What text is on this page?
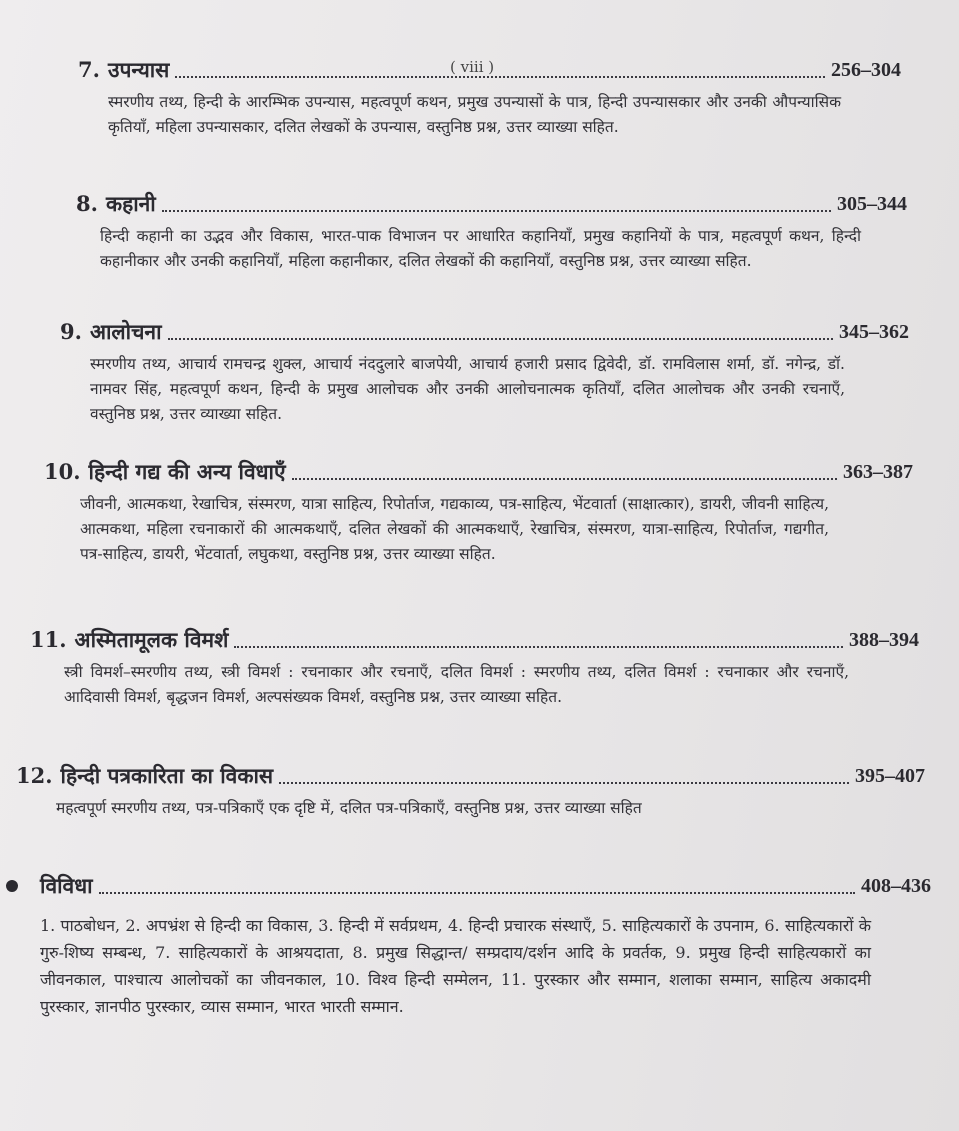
( viii )
7. उपन्यास	256–304
स्मरणीय तथ्य, हिन्दी के आरम्भिक उपन्यास, महत्वपूर्ण कथन, प्रमुख उपन्यासों के पात्र, हिन्दी उपन्यासकार और उनकी औपन्यासिक कृतियाँ, महिला उपन्यासकार, दलित लेखकों के उपन्यास, वस्तुनिष्ठ प्रश्न, उत्तर व्याख्या सहित.
8. कहानी	305–344
हिन्दी कहानी का उद्भव और विकास, भारत-पाक विभाजन पर आधारित कहानियाँ, प्रमुख कहानियों के पात्र, महत्वपूर्ण कथन, हिन्दी कहानीकार और उनकी कहानियाँ, महिला कहानीकार, दलित लेखकों की कहानियाँ, वस्तुनिष्ठ प्रश्न, उत्तर व्याख्या सहित.
9. आलोचना	345–362
स्मरणीय तथ्य, आचार्य रामचन्द्र शुक्ल, आचार्य नंददुलारे बाजपेयी, आचार्य हजारी प्रसाद द्विवेदी, डॉ. रामविलास शर्मा, डॉ. नगेन्द्र, डॉ. नामवर सिंह, महत्वपूर्ण कथन, हिन्दी के प्रमुख आलोचक और उनकी आलोचनात्मक कृतियाँ, दलित आलोचक और उनकी रचनाएँ, वस्तुनिष्ठ प्रश्न, उत्तर व्याख्या सहित.
10. हिन्दी गद्य की अन्य विधाएँ	363–387
जीवनी, आत्मकथा, रेखाचित्र, संस्मरण, यात्रा साहित्य, रिपोर्ताज, गद्यकाव्य, पत्र-साहित्य, भेंटवार्ता (साक्षात्कार), डायरी, जीवनी साहित्य, आत्मकथा, महिला रचनाकारों की आत्मकथाएँ, दलित लेखकों की आत्मकथाएँ, रेखाचित्र, संस्मरण, यात्रा-साहित्य, रिपोर्ताज, गद्यगीत, पत्र-साहित्य, डायरी, भेंटवार्ता, लघुकथा, वस्तुनिष्ठ प्रश्न, उत्तर व्याख्या सहित.
11. अस्मितामूलक विमर्श	388–394
स्त्री विमर्श–स्मरणीय तथ्य, स्त्री विमर्श : रचनाकार और रचनाएँ, दलित विमर्श : स्मरणीय तथ्य, दलित विमर्श : रचनाकार और रचनाएँ, आदिवासी विमर्श, बृद्धजन विमर्श, अल्पसंख्यक विमर्श, वस्तुनिष्ठ प्रश्न, उत्तर व्याख्या सहित.
12. हिन्दी पत्रकारिता का विकास	395–407
महत्वपूर्ण स्मरणीय तथ्य, पत्र-पत्रिकाएँ एक दृष्टि में, दलित पत्र-पत्रिकाएँ, वस्तुनिष्ठ प्रश्न, उत्तर व्याख्या सहित
विविधा	408–436
1. पाठबोधन, 2. अपभ्रंश से हिन्दी का विकास, 3. हिन्दी में सर्वप्रथम, 4. हिन्दी प्रचारक संस्थाएँ, 5. साहित्यकारों के उपनाम, 6. साहित्यकारों के गुरु-शिष्य सम्बन्ध, 7. साहित्यकारों के आश्रयदाता, 8. प्रमुख सिद्धान्त/ सम्प्रदाय/दर्शन आदि के प्रवर्तक, 9. प्रमुख हिन्दी साहित्यकारों का जीवनकाल, पाश्चात्य आलोचकों का जीवनकाल, 10. विश्व हिन्दी सम्मेलन, 11. पुरस्कार और सम्मान, शलाका सम्मान, साहित्य अकादमी पुरस्कार, ज्ञानपीठ पुरस्कार, व्यास सम्मान, भारत भारती सम्मान.
